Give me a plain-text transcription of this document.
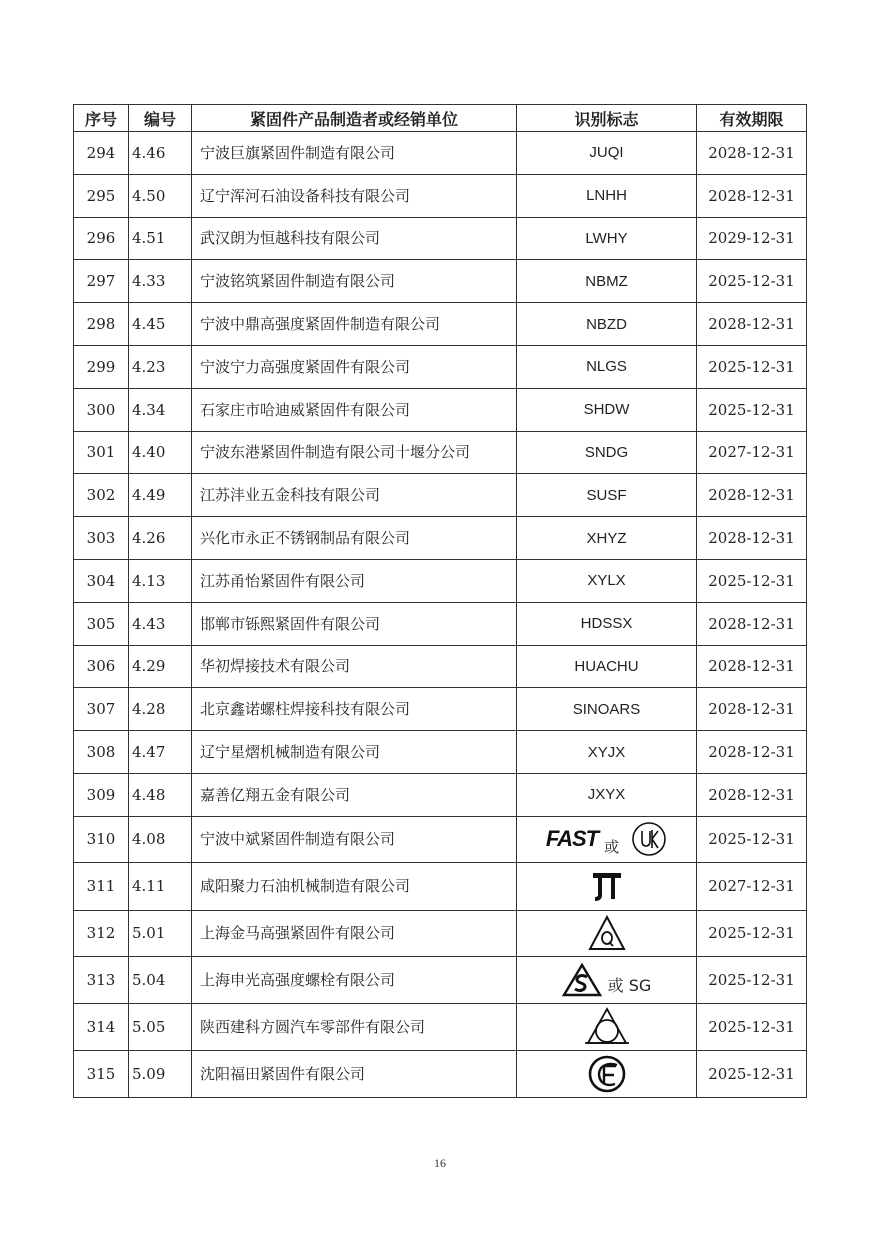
序号	编号	紧固件产品制造者或经销单位	识别标志	有效期限
294	4.46	宁波巨旗紧固件制造有限公司	JUQI	2028-12-31
295	4.50	辽宁浑河石油设备科技有限公司	LNHH	2028-12-31
296	4.51	武汉朗为恒越科技有限公司	LWHY	2029-12-31
297	4.33	宁波铭筑紧固件制造有限公司	NBMZ	2025-12-31
298	4.45	宁波中鼎高强度紧固件制造有限公司	NBZD	2028-12-31
299	4.23	宁波宁力高强度紧固件有限公司	NLGS	2025-12-31
300	4.34	石家庄市哈迪威紧固件有限公司	SHDW	2025-12-31
301	4.40	宁波东港紧固件制造有限公司十堰分公司	SNDG	2027-12-31
302	4.49	江苏沣业五金科技有限公司	SUSF	2028-12-31
303	4.26	兴化市永正不锈钢制品有限公司	XHYZ	2028-12-31
304	4.13	江苏甬怡紧固件有限公司	XYLX	2025-12-31
305	4.43	邯郸市铄熙紧固件有限公司	HDSSX	2028-12-31
306	4.29	华初焊接技术有限公司	HUACHU	2028-12-31
307	4.28	北京鑫诺螺柱焊接科技有限公司	SINOARS	2028-12-31
308	4.47	辽宁星熠机械制造有限公司	XYJX	2028-12-31
309	4.48	嘉善亿翔五金有限公司	JXYX	2028-12-31
310	4.08	宁波中斌紧固件制造有限公司	FAST 或	2025-12-31
311	4.11	咸阳聚力石油机械制造有限公司		2027-12-31
312	5.01	上海金马高强紧固件有限公司		2025-12-31
313	5.04	上海申光高强度螺栓有限公司	或 SG	2025-12-31
314	5.05	陕西建科方圆汽车零部件有限公司		2025-12-31
315	5.09	沈阳福田紧固件有限公司		2025-12-31
16
